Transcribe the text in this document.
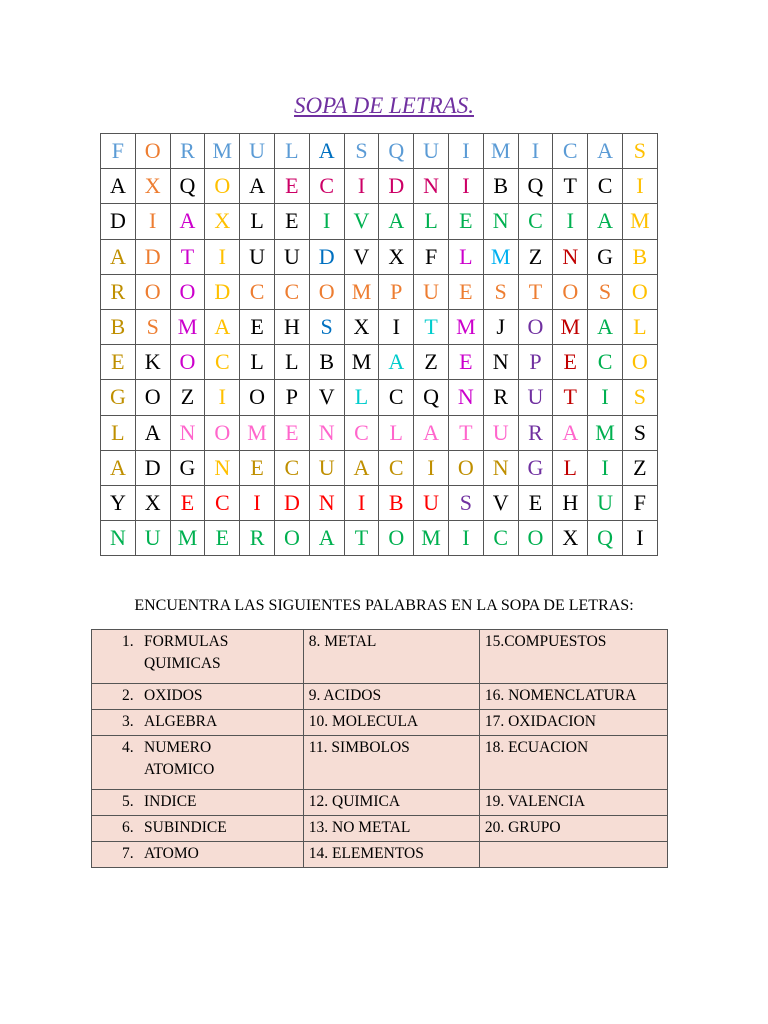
SOPA DE LETRAS.
F	O	R	M	U	L	A	S	Q	U	I	M	I	C	A	S
A	X	Q	O	A	E	C	I	D	N	I	B	Q	T	C	I
D	I	A	X	L	E	I	V	A	L	E	N	C	I	A	M
A	D	T	I	U	U	D	V	X	F	L	M	Z	N	G	B
R	O	O	D	C	C	O	M	P	U	E	S	T	O	S	O
B	S	M	A	E	H	S	X	I	T	M	J	O	M	A	L
E	K	O	C	L	L	B	M	A	Z	E	N	P	E	C	O
G	O	Z	I	O	P	V	L	C	Q	N	R	U	T	I	S
L	A	N	O	M	E	N	C	L	A	T	U	R	A	M	S
A	D	G	N	E	C	U	A	C	I	O	N	G	L	I	Z
Y	X	E	C	I	D	N	I	B	U	S	V	E	H	U	F
N	U	M	E	R	O	A	T	O	M	I	C	O	X	Q	I
ENCUENTRA LAS SIGUIENTES PALABRAS EN LA SOPA DE LETRAS:
1. FORMULAS
QUIMICAS	8. METAL	15.COMPUESTOS
2. OXIDOS	9. ACIDOS	16. NOMENCLATURA
3. ALGEBRA	10. MOLECULA	17. OXIDACION
4. NUMERO
ATOMICO	11. SIMBOLOS	18. ECUACION
5. INDICE	12. QUIMICA	19. VALENCIA
6. SUBINDICE	13. NO METAL	20. GRUPO
7. ATOMO	14. ELEMENTOS	
